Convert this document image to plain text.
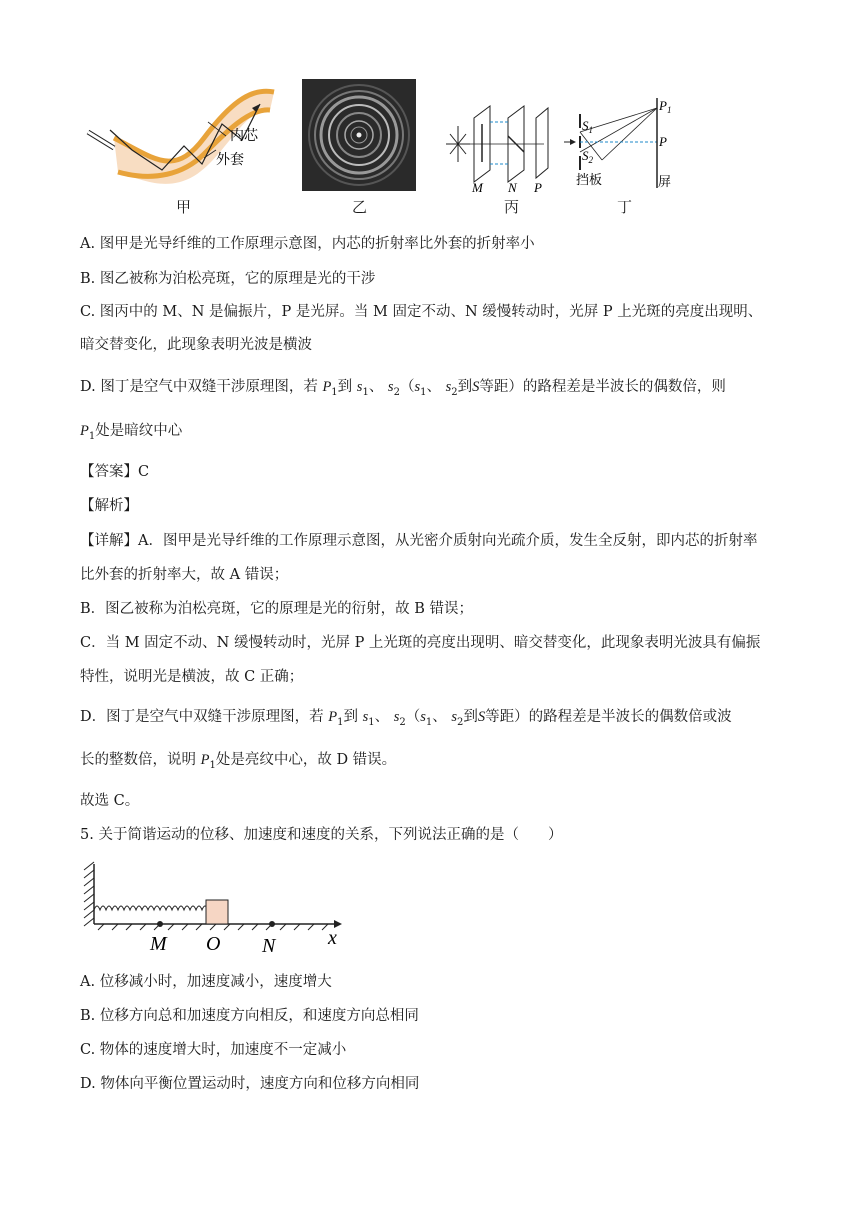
内芯
外套
甲	乙
M N P
丙
$S_1$
$S_2$
$P_1$
P
挡板	屏
丁
A. 图甲是光导纤维的工作原理示意图，内芯的折射率比外套的折射率小
B. 图乙被称为泊松亮斑，它的原理是光的干涉
C. 图丙中的 M、N 是偏振片，P 是光屏。当 M 固定不动、N 缓慢转动时，光屏 P 上光斑的亮度出现明、
暗交替变化，此现象表明光波是横波
D. 图丁是空气中双缝干涉原理图，若 $P_1$到 $s_1$、 $s_2(s_1$、 $s_2$到S等距）的路程差是半波长的偶数倍，则
$P_1$处是暗纹中心
【答案】C
【解析】
【详解】A．图甲是光导纤维的工作原理示意图，从光密介质射向光疏介质，发生全反射，即内芯的折射率
比外套的折射率大，故 A 错误；
B．图乙被称为泊松亮斑，它的原理是光的衍射，故 B 错误；
C．当 M 固定不动、N 缓慢转动时，光屏 P 上光斑的亮度出现明、暗交替变化，此现象表明光波具有偏振
特性，说明光是横波，故 C 正确；
D．图丁是空气中双缝干涉原理图，若 $P_1$到 $s_1$、 $s_2(s_1$、 $s_2$到S等距）的路程差是半波长的偶数倍或波
长的整数倍，说明 $P_1$处是亮纹中心，故 D 错误。
故选 C。
5. 关于简谐运动的位移、加速度和速度的关系，下列说法正确的是（　　）
M O N	x
A. 位移减小时，加速度减小，速度增大
B. 位移方向总和加速度方向相反，和速度方向总相同
C. 物体的速度增大时，加速度不一定减小
D. 物体向平衡位置运动时，速度方向和位移方向相同
